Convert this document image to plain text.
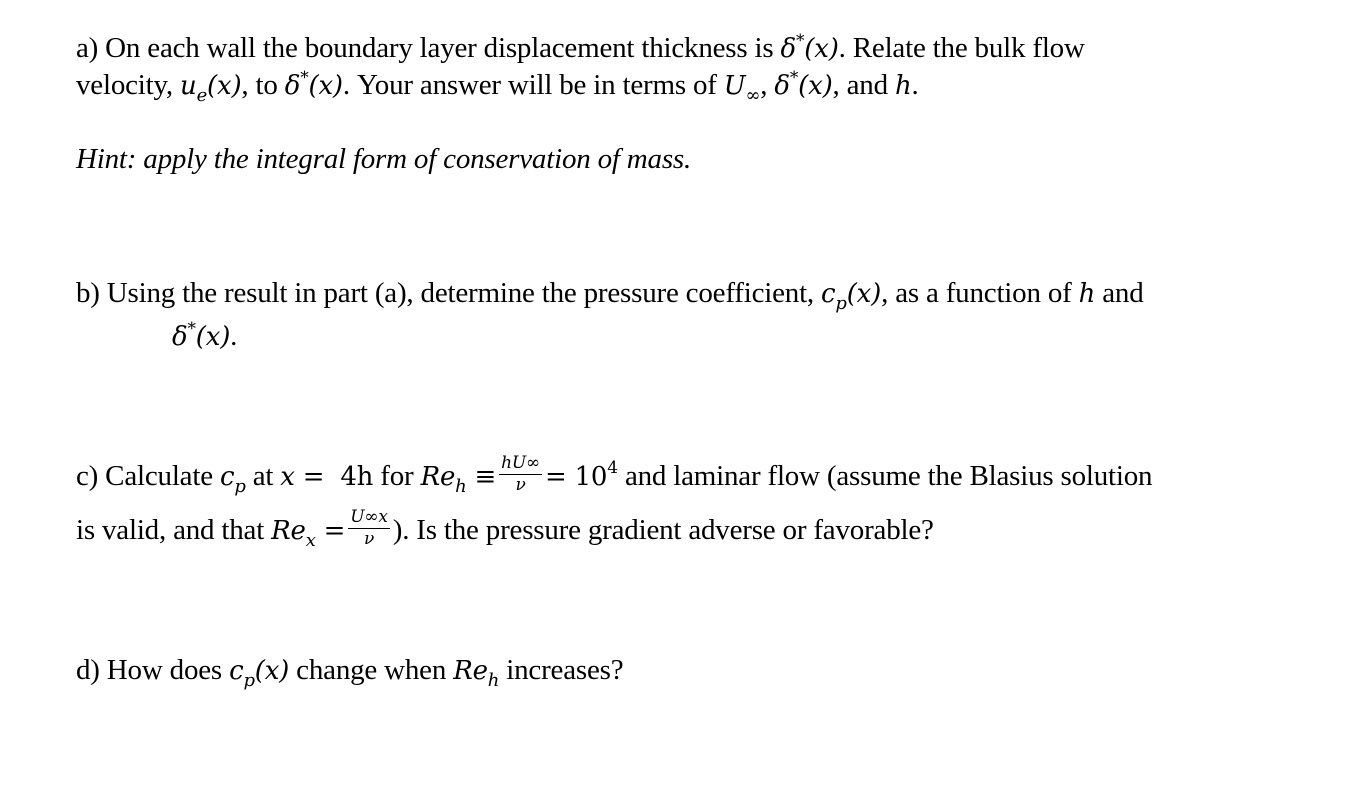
a) On each wall the boundary layer displacement thickness is δ*(x). Relate the bulk flow
velocity, $u_e(x)$, to δ*(x). Your answer will be in terms of $U_\infty$, δ*(x), and h.
Hint: apply the integral form of conservation of mass.
b) Using the result in part (a), determine the pressure coefficient, $c_p(x)$, as a function of h and
δ*(x).
c) Calculate $c_p$ at x = 4h for $Re_h \equiv \frac{hU\infty}{\nu} = 10^4$ and laminar flow (assume the Blasius solution
is valid, and that $Re_x = \frac{U\infty x}{\nu}$ ). Is the pressure gradient adverse or favorable?
d) How does $c_p(x)$ change when $Re_h$ increases?
